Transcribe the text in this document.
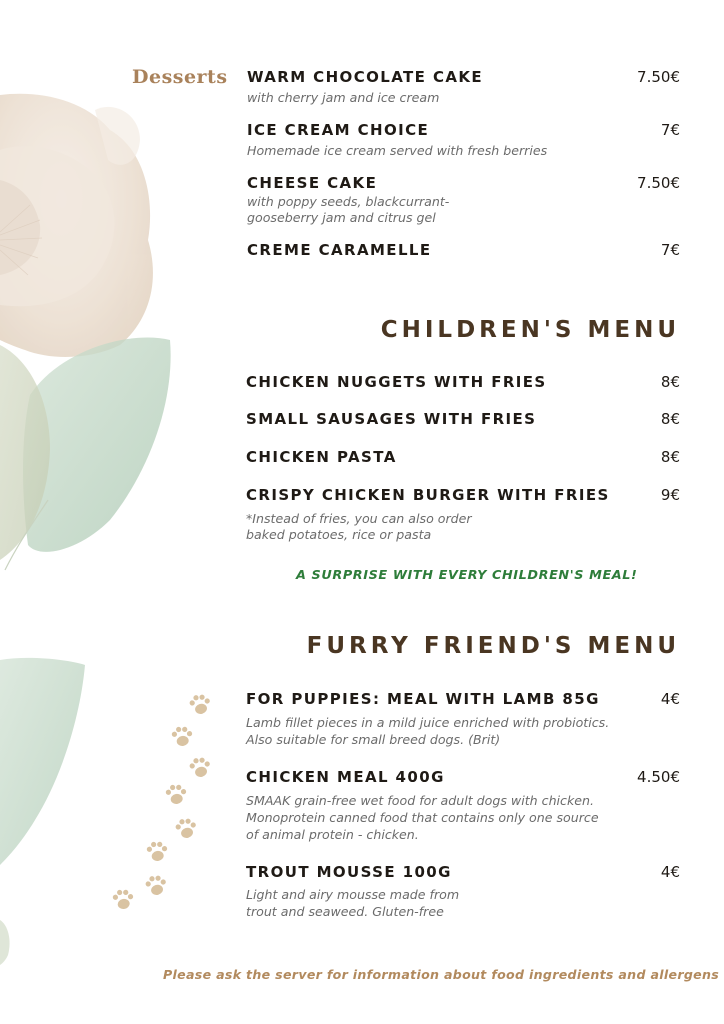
Desserts WARM CHOCOLATE CAKE	7.50€
with cherry jam and ice cream
ICE CREAM CHOICE	7€
Homemade ice cream served with fresh berries
CHEESE CAKE	7.50€
with poppy seeds, blackcurrant-
gooseberry jam and citrus gel
CREME CARAMELLE	7€
CHILDREN'S MENU
CHICKEN NUGGETS WITH FRIES	8€
SMALL SAUSAGES WITH FRIES	8€
CHICKEN PASTA	8€
CRISPY CHICKEN BURGER WITH FRIES	9€
*Instead of fries, you can also order
baked potatoes, rice or pasta
A SURPRISE WITH EVERY CHILDREN'S MEAL!
FURRY FRIEND'S MENU
FOR PUPPIES: MEAL WITH LAMB 85G	4€
Lamb fillet pieces in a mild juice enriched with probiotics.
Also suitable for small breed dogs. (Brit)
CHICKEN MEAL 400G	4.50€
SMAAK grain-free wet food for adult dogs with chicken.
Monoprotein canned food that contains only one source
of animal protein - chicken.
TROUT MOUSSE 100G	4€
Light and airy mousse made from
trout and seaweed. Gluten-free
Please ask the server for information about food ingredients and allergens
